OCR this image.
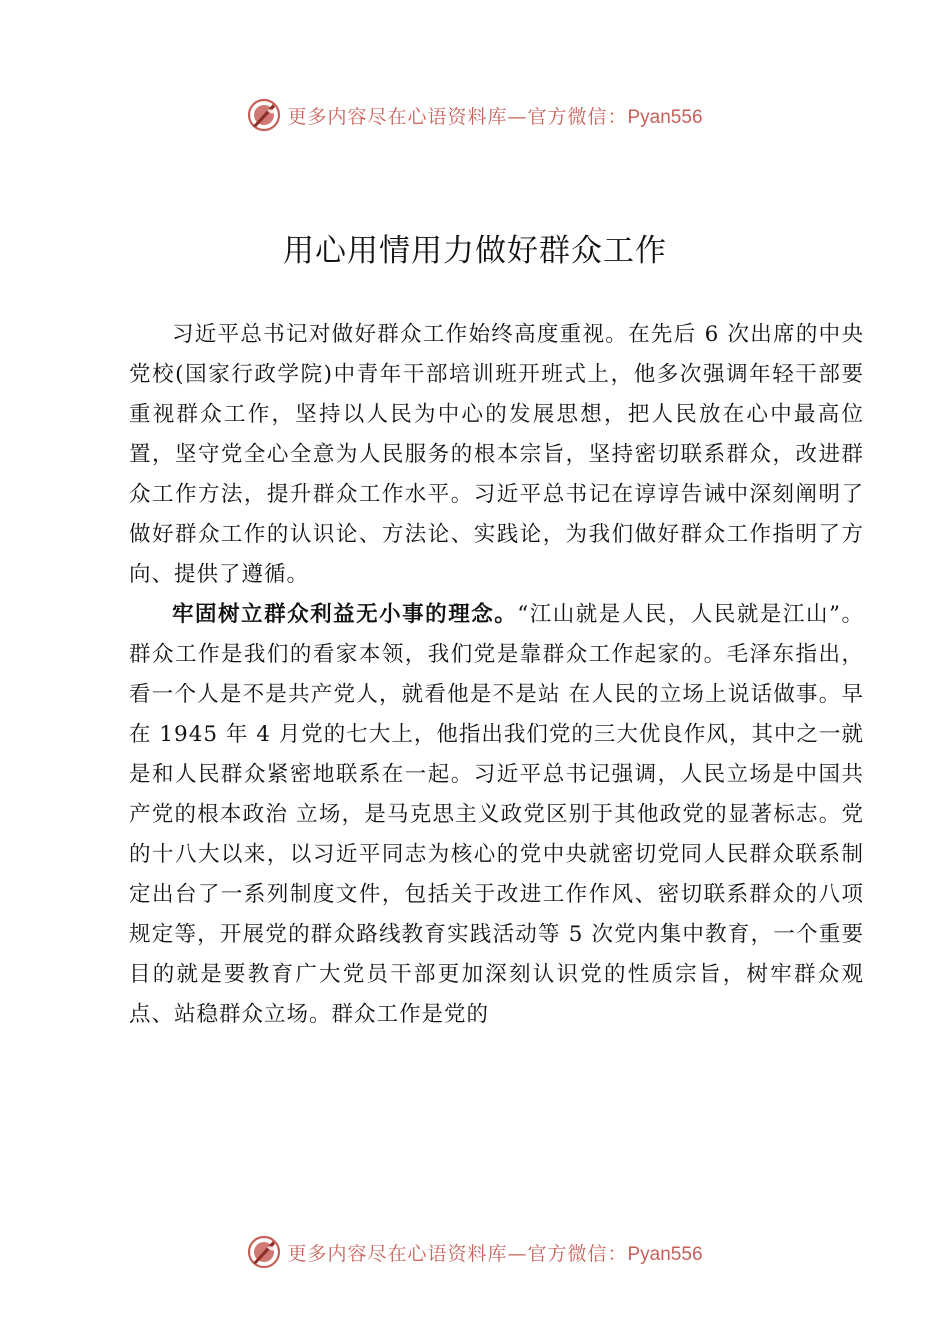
更多内容尽在心语资料库—官方微信：Pyan556
用心用情用力做好群众工作

习近平总书记对做好群众工作始终高度重视。在先后 6 次出席的中央党校(国家行政学院)中青年干部培训班开班式上，他多次强调年轻干部要重视群众工作，坚持以人民为中心的发展思想，把人民放在心中最高位置，坚守党全心全意为人民服务的根本宗旨，坚持密切联系群众，改进群众工作方法，提升群众工作水平。习近平总书记在谆谆告诫中深刻阐明了做好群众工作的认识论、方法论、实践论，为我们做好群众工作指明了方向、提供了遵循。

牢固树立群众利益无小事的理念。“江山就是人民，人民就是江山”。群众工作是我们的看家本领，我们党是靠群众工作起家的。毛泽东指出，看一个人是不是共产党人，就看他是不是站 在人民的立场上说话做事。早在 1945 年 4 月党的七大上，他指出我们党的三大优良作风，其中之一就是和人民群众紧密地联系在一起。习近平总书记强调，人民立场是中国共产党的根本政治 立场，是马克思主义政党区别于其他政党的显著标志。党的十八大以来，以习近平同志为核心的党中央就密切党同人民群众联系制定出台了一系列制度文件，包括关于改进工作作风、密切联系群众的八项规定等，开展党的群众路线教育实践活动等 5 次党内集中教育，一个重要目的就是要教育广大党员干部更加深刻认识党的性质宗旨，树牢群众观点、站稳群众立场。群众工作是党的

更多内容尽在心语资料库—官方微信：Pyan556
